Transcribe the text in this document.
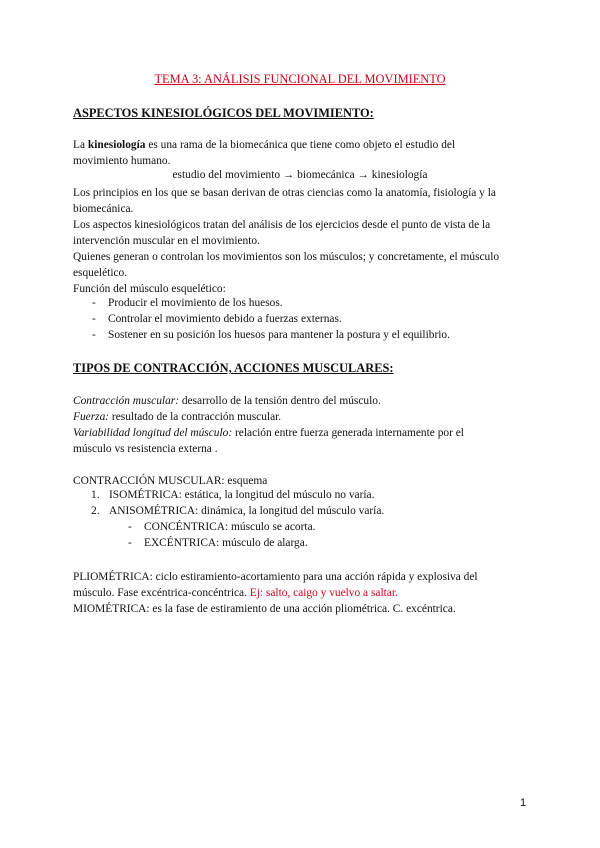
TEMA 3: ANÁLISIS FUNCIONAL DEL MOVIMIENTO
ASPECTOS KINESIOLÓGICOS DEL MOVIMIENTO:
La kinesiología es una rama de la biomecánica que tiene como objeto el estudio del
movimiento humano.
estudio del movimiento → biomecánica → kinesiología
Los principios en los que se basan derivan de otras ciencias como la anatomía, fisiología y la
biomecánica.
Los aspectos kinesiológicos tratan del análisis de los ejercicios desde el punto de vista de la
intervención muscular en el movimiento.
Quienes generan o controlan los movimientos son los músculos; y concretamente, el músculo
esquelético.
Función del músculo esquelético:
- Producir el movimiento de los huesos.
- Controlar el movimiento debido a fuerzas externas.
- Sostener en su posición los huesos para mantener la postura y el equilibrio.
TIPOS DE CONTRACCIÓN, ACCIONES MUSCULARES:
Contracción muscular: desarrollo de la tensión dentro del músculo.
Fuerza: resultado de la contracción muscular.
Variabilidad longitud del músculo: relación entre fuerza generada internamente por el
músculo vs resistencia externa .
CONTRACCIÓN MUSCULAR: esquema
1. ISOMÉTRICA: estática, la longitud del músculo no varía.
2. ANISOMÉTRICA: dinámica, la longitud del músculo varía.
- CONCÉNTRICA: músculo se acorta.
- EXCÉNTRICA: músculo de alarga.
PLIOMÉTRICA: ciclo estiramiento-acortamiento para una acción rápida y explosiva del
músculo. Fase excéntrica-concéntrica. Ej: salto, caigo y vuelvo a saltar.
MIOMÉTRICA: es la fase de estiramiento de una acción pliométrica. C. excéntrica.
1
